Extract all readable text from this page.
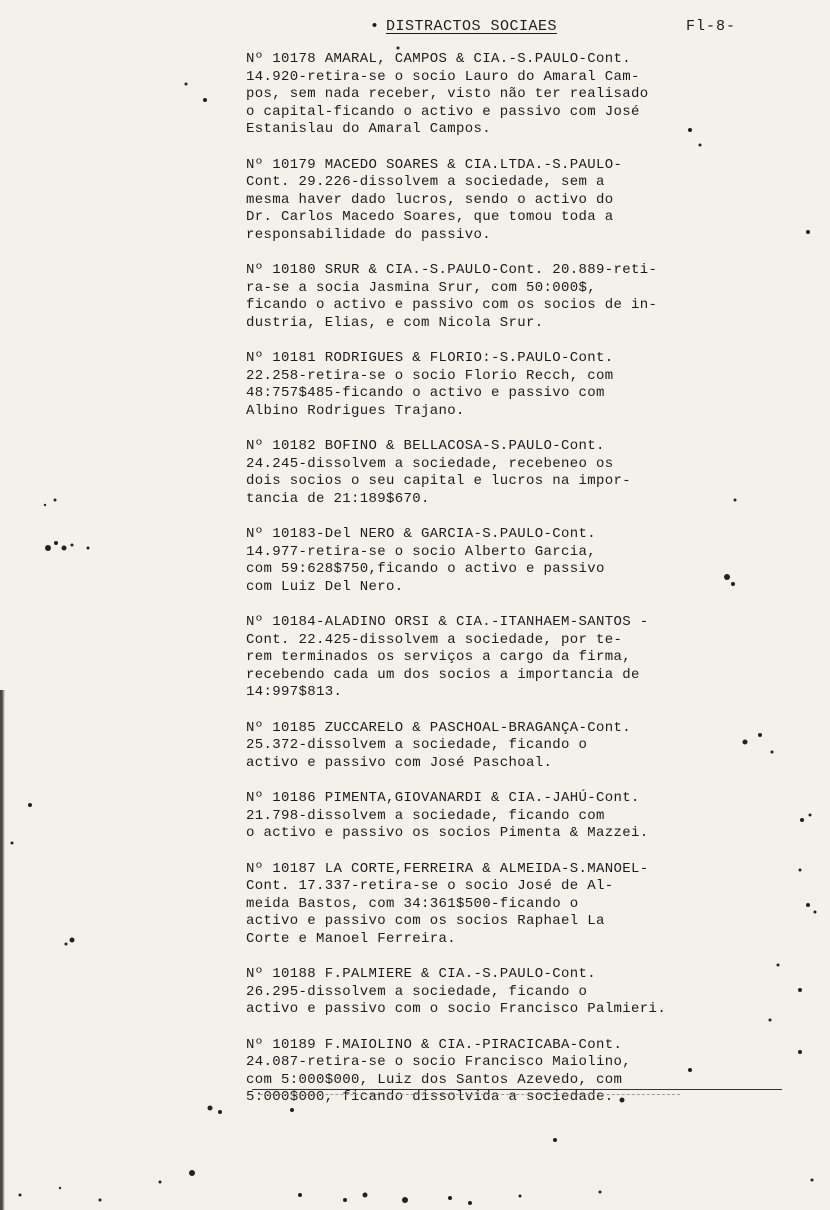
• DISTRACTOS SOCIAES	Fl-8-
Nº 10178 AMARAL, CAMPOS & CIA.-S.PAULO-Cont.
14.920-retira-se o socio Lauro do Amaral Cam-
pos, sem nada receber, visto não ter realisado
o capital-ficando o activo e passivo com José
Estanislau do Amaral Campos.
Nº 10179 MACEDO SOARES & CIA.LTDA.-S.PAULO-
Cont. 29.226-dissolvem a sociedade, sem a
mesma haver dado lucros, sendo o activo do
Dr. Carlos Macedo Soares, que tomou toda a
responsabilidade do passivo.
Nº 10180 SRUR & CIA.-S.PAULO-Cont. 20.889-reti-
ra-se a socia Jasmina Srur, com 50:000$,
ficando o activo e passivo com os socios de in-
dustria, Elias, e com Nicola Srur.
Nº 10181 RODRIGUES & FLORIO:-S.PAULO-Cont.
22.258-retira-se o socio Florio Recch, com
48:757$485-ficando o activo e passivo com
Albino Rodrigues Trajano.
Nº 10182 BOFINO & BELLACOSA-S.PAULO-Cont.
24.245-dissolvem a sociedade, recebeneo os
dois socios o seu capital e lucros na impor-
tancia de 21:189$670.
Nº 10183-Del NERO & GARCIA-S.PAULO-Cont.
14.977-retira-se o socio Alberto Garcia,
com 59:628$750,ficando o activo e passivo
com Luiz Del Nero.
Nº 10184-ALADINO ORSI & CIA.-ITANHAEM-SANTOS -
Cont. 22.425-dissolvem a sociedade, por te-
rem terminados os serviços a cargo da firma,
recebendo cada um dos socios a importancia de
14:997$813.
Nº 10185 ZUCCARELO & PASCHOAL-BRAGANÇA-Cont.
25.372-dissolvem a sociedade, ficando o
activo e passivo com José Paschoal.
Nº 10186 PIMENTA,GIOVANARDI & CIA.-JAHÚ-Cont.
21.798-dissolvem a sociedade, ficando com
o activo e passivo os socios Pimenta & Mazzei.
Nº 10187 LA CORTE,FERREIRA & ALMEIDA-S.MANOEL-
Cont. 17.337-retira-se o socio José de Al-
meida Bastos, com 34:361$500-ficando o
activo e passivo com os socios Raphael La
Corte e Manoel Ferreira.
Nº 10188 F.PALMIERE & CIA.-S.PAULO-Cont.
26.295-dissolvem a sociedade, ficando o
activo e passivo com o socio Francisco Palmieri.
Nº 10189 F.MAIOLINO & CIA.-PIRACICABA-Cont.
24.087-retira-se o socio Francisco Maiolino,
com 5:000$000, Luiz dos Santos Azevedo, com
5:000$000, ficando dissolvida a sociedade.
